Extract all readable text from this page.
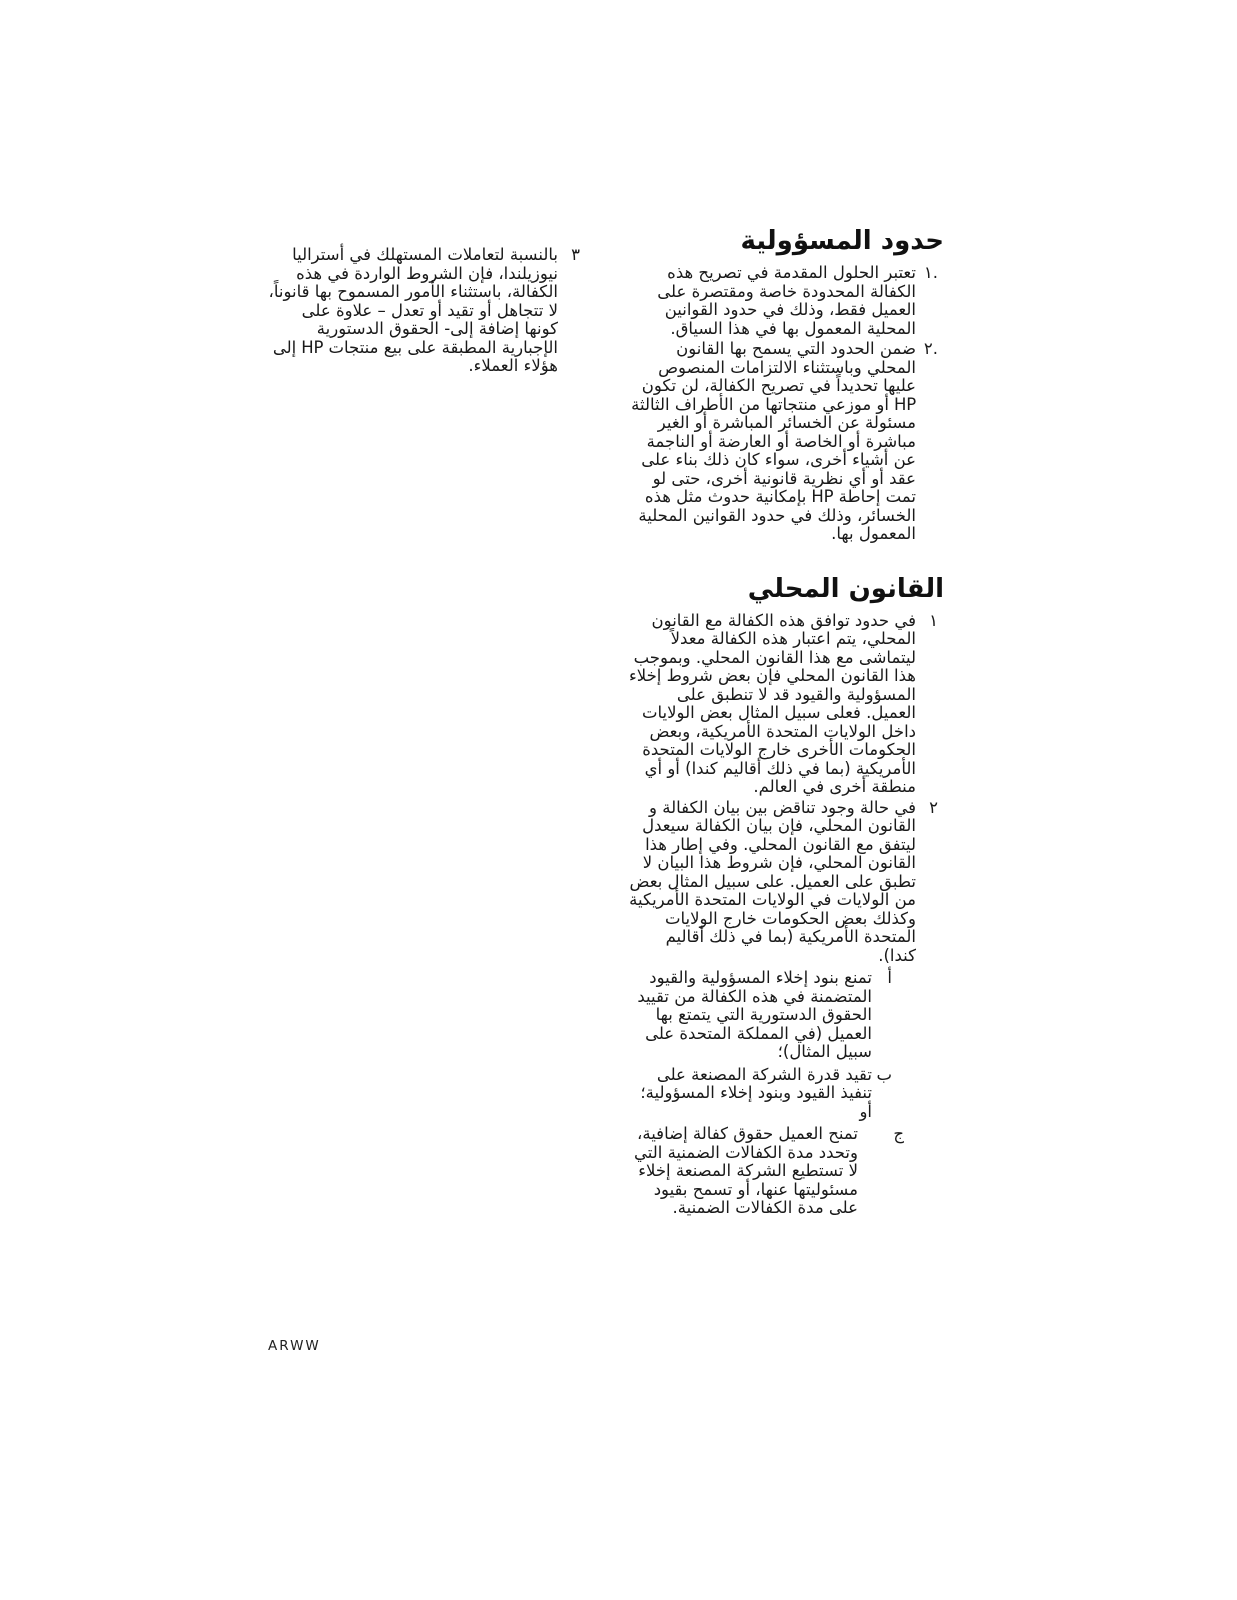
حدود المسؤولية
.١
تعتبر الحلول المقدمة في تصريح هذه الكفالة المحدودة خاصة ومقتصرة على العميل فقط، وذلك في حدود القوانين المحلية المعمول بها في هذا السياق.
.٢
ضمن الحدود التي يسمح بها القانون المحلي وباستثناء الالتزامات المنصوص عليها تحديداً في تصريح الكفالة، لن تكون HP أو موزعي منتجاتها من الأطراف الثالثة مسئولة عن الخسائر المباشرة أو الغير مباشرة أو الخاصة أو العارضة أو الناجمة عن أشياء أخرى، سواء كان ذلك بناء على عقد أو أي نظرية قانونية أخرى، حتى لو تمت إحاطة HP بإمكانية حدوث مثل هذه الخسائر، وذلك في حدود القوانين المحلية المعمول بها.
القانون المحلي
١
في حدود توافق هذه الكفالة مع القانون المحلي، يتم اعتبار هذه الكفالة معدلاً ليتماشى مع هذا القانون المحلي. وبموجب هذا القانون المحلي فإن بعض شروط إخلاء المسؤولية والقيود قد لا تنطبق على العميل. فعلى سبيل المثال بعض الولايات داخل الولايات المتحدة الأمريكية، وبعض الحكومات الأخرى خارج الولايات المتحدة الأمريكية (بما في ذلك أقاليم كندا) أو أي منطقة أخرى في العالم.
٢
في حالة وجود تناقض بين بيان الكفالة و القانون المحلي، فإن بيان الكفالة سيعدل ليتفق مع القانون المحلي. وفي إطار هذا القانون المحلي، فإن شروط هذا البيان لا تطبق على العميل. على سبيل المثال بعض من الولايات في الولايات المتحدة الأمريكية وكذلك بعض الحكومات خارج الولايات المتحدة الأمريكية (بما في ذلك أقاليم كندا).
أ
تمنع بنود إخلاء المسؤولية والقيود المتضمنة في هذه الكفالة من تقييد الحقوق الدستورية التي يتمتع بها العميل (في المملكة المتحدة على سبيل المثال)؛
ب
تقيد قدرة الشركة المصنعة على تنفيذ القيود وبنود إخلاء المسؤولية؛أو
ج
تمنح العميل حقوق كفالة إضافية، وتحدد مدة الكفالات الضمنية التي لا تستطيع الشركة المصنعة إخلاء مسئوليتها عنها، أو تسمح بقيود على مدة الكفالات الضمنية.
٣
بالنسبة لتعاملات المستهلك في أستراليا نيوزيلندا، فإن الشروط الواردة في هذه الكفالة، باستثناء الأمور المسموح بها قانوناً، لا تتجاهل أو تقيد أو تعدل – علاوة على كونها إضافة إلى- الحقوق الدستورية الإجبارية المطبقة على بيع منتجات HP إلى هؤلاء العملاء.
ARWW
